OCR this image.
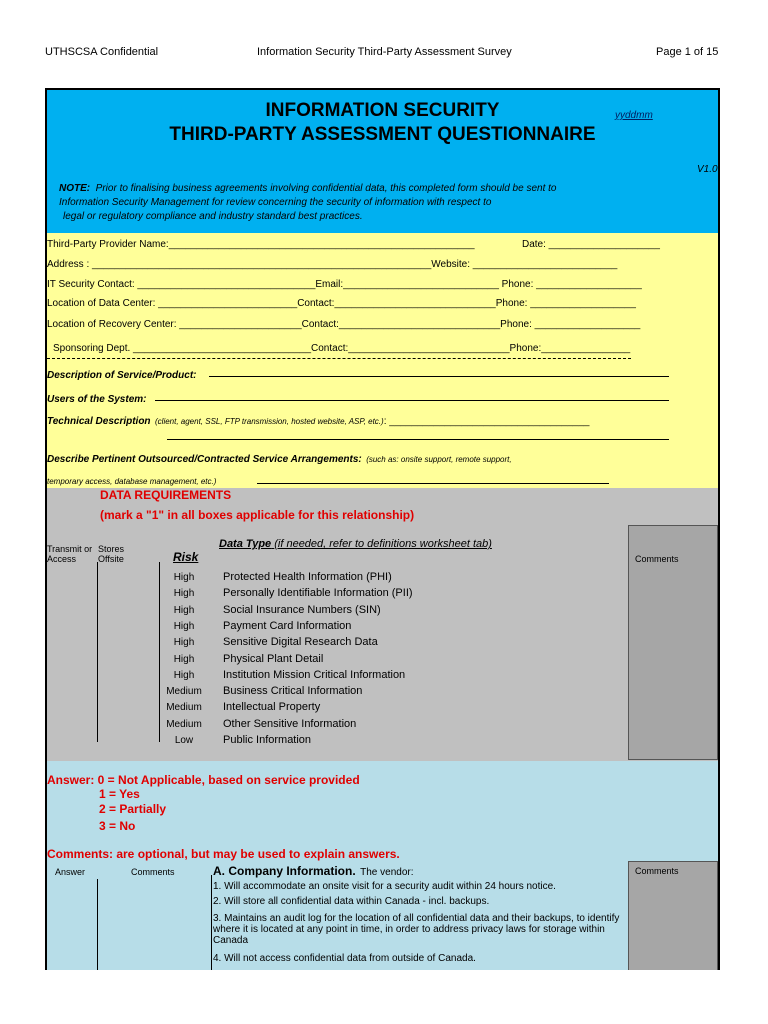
UTHSCSA Confidential	Information Security Third-Party Assessment Survey	Page 1 of 15
INFORMATION SECURITY
THIRD-PARTY ASSESSMENT QUESTIONNAIRE
yyddmm
V1.0
NOTE: Prior to finalising business agreements involving confidential data, this completed form should be sent to
Information Security Management for review concerning the security of information with respect to
legal or regulatory compliance and industry standard best practices.
Third-Party Provider Name:_______________________________________________________	Date: ____________________
Address : _____________________________________________________________Website: __________________________
IT Security Contact: ________________________________Email:____________________________ Phone: ___________________
Location of Data Center: _________________________Contact:_____________________________Phone: ___________________
Location of Recovery Center: ______________________Contact:_____________________________Phone: ___________________
Sponsoring Dept. ________________________________Contact:_____________________________Phone:________________
Description of Service/Product:
Users of the System:
Technical Description (client, agent, SSL, FTP transmission, hosted website, ASP, etc.): ____________________________________
Describe Pertinent Outsourced/Contracted Service Arrangements: (such as: onsite support, remote support,
temporary access, database management, etc.)
DATA REQUIREMENTS
(mark a "1" in all boxes applicable for this relationship)
Transmit or Access
Stores Offsite	Risk
Data Type (if needed, refer to definitions worksheet tab)
Comments
High	Protected Health Information (PHI)
High	Personally Identifiable Information (PII)
High	Social Insurance Numbers (SIN)
High	Payment Card Information
High	Sensitive Digital Research Data
High	Physical Plant Detail
High	Institution Mission Critical Information
Medium	Business Critical Information
Medium	Intellectual Property
Medium	Other Sensitive Information
Low	Public Information
Answer: 0 = Not Applicable, based on service provided
1 = Yes
2 = Partially
3 = No
Comments: are optional, but may be used to explain answers.
Answer	Comments	A. Company Information. The vendor:	Comments
1. Will accommodate an onsite visit for a security audit within 24 hours notice.
2. Will store all confidential data within Canada - incl. backups.
3. Maintains an audit log for the location of all confidential data and their backups, to identify where it is located at any point in time, in order to address privacy laws for storage within Canada
4. Will not access confidential data from outside of Canada.
